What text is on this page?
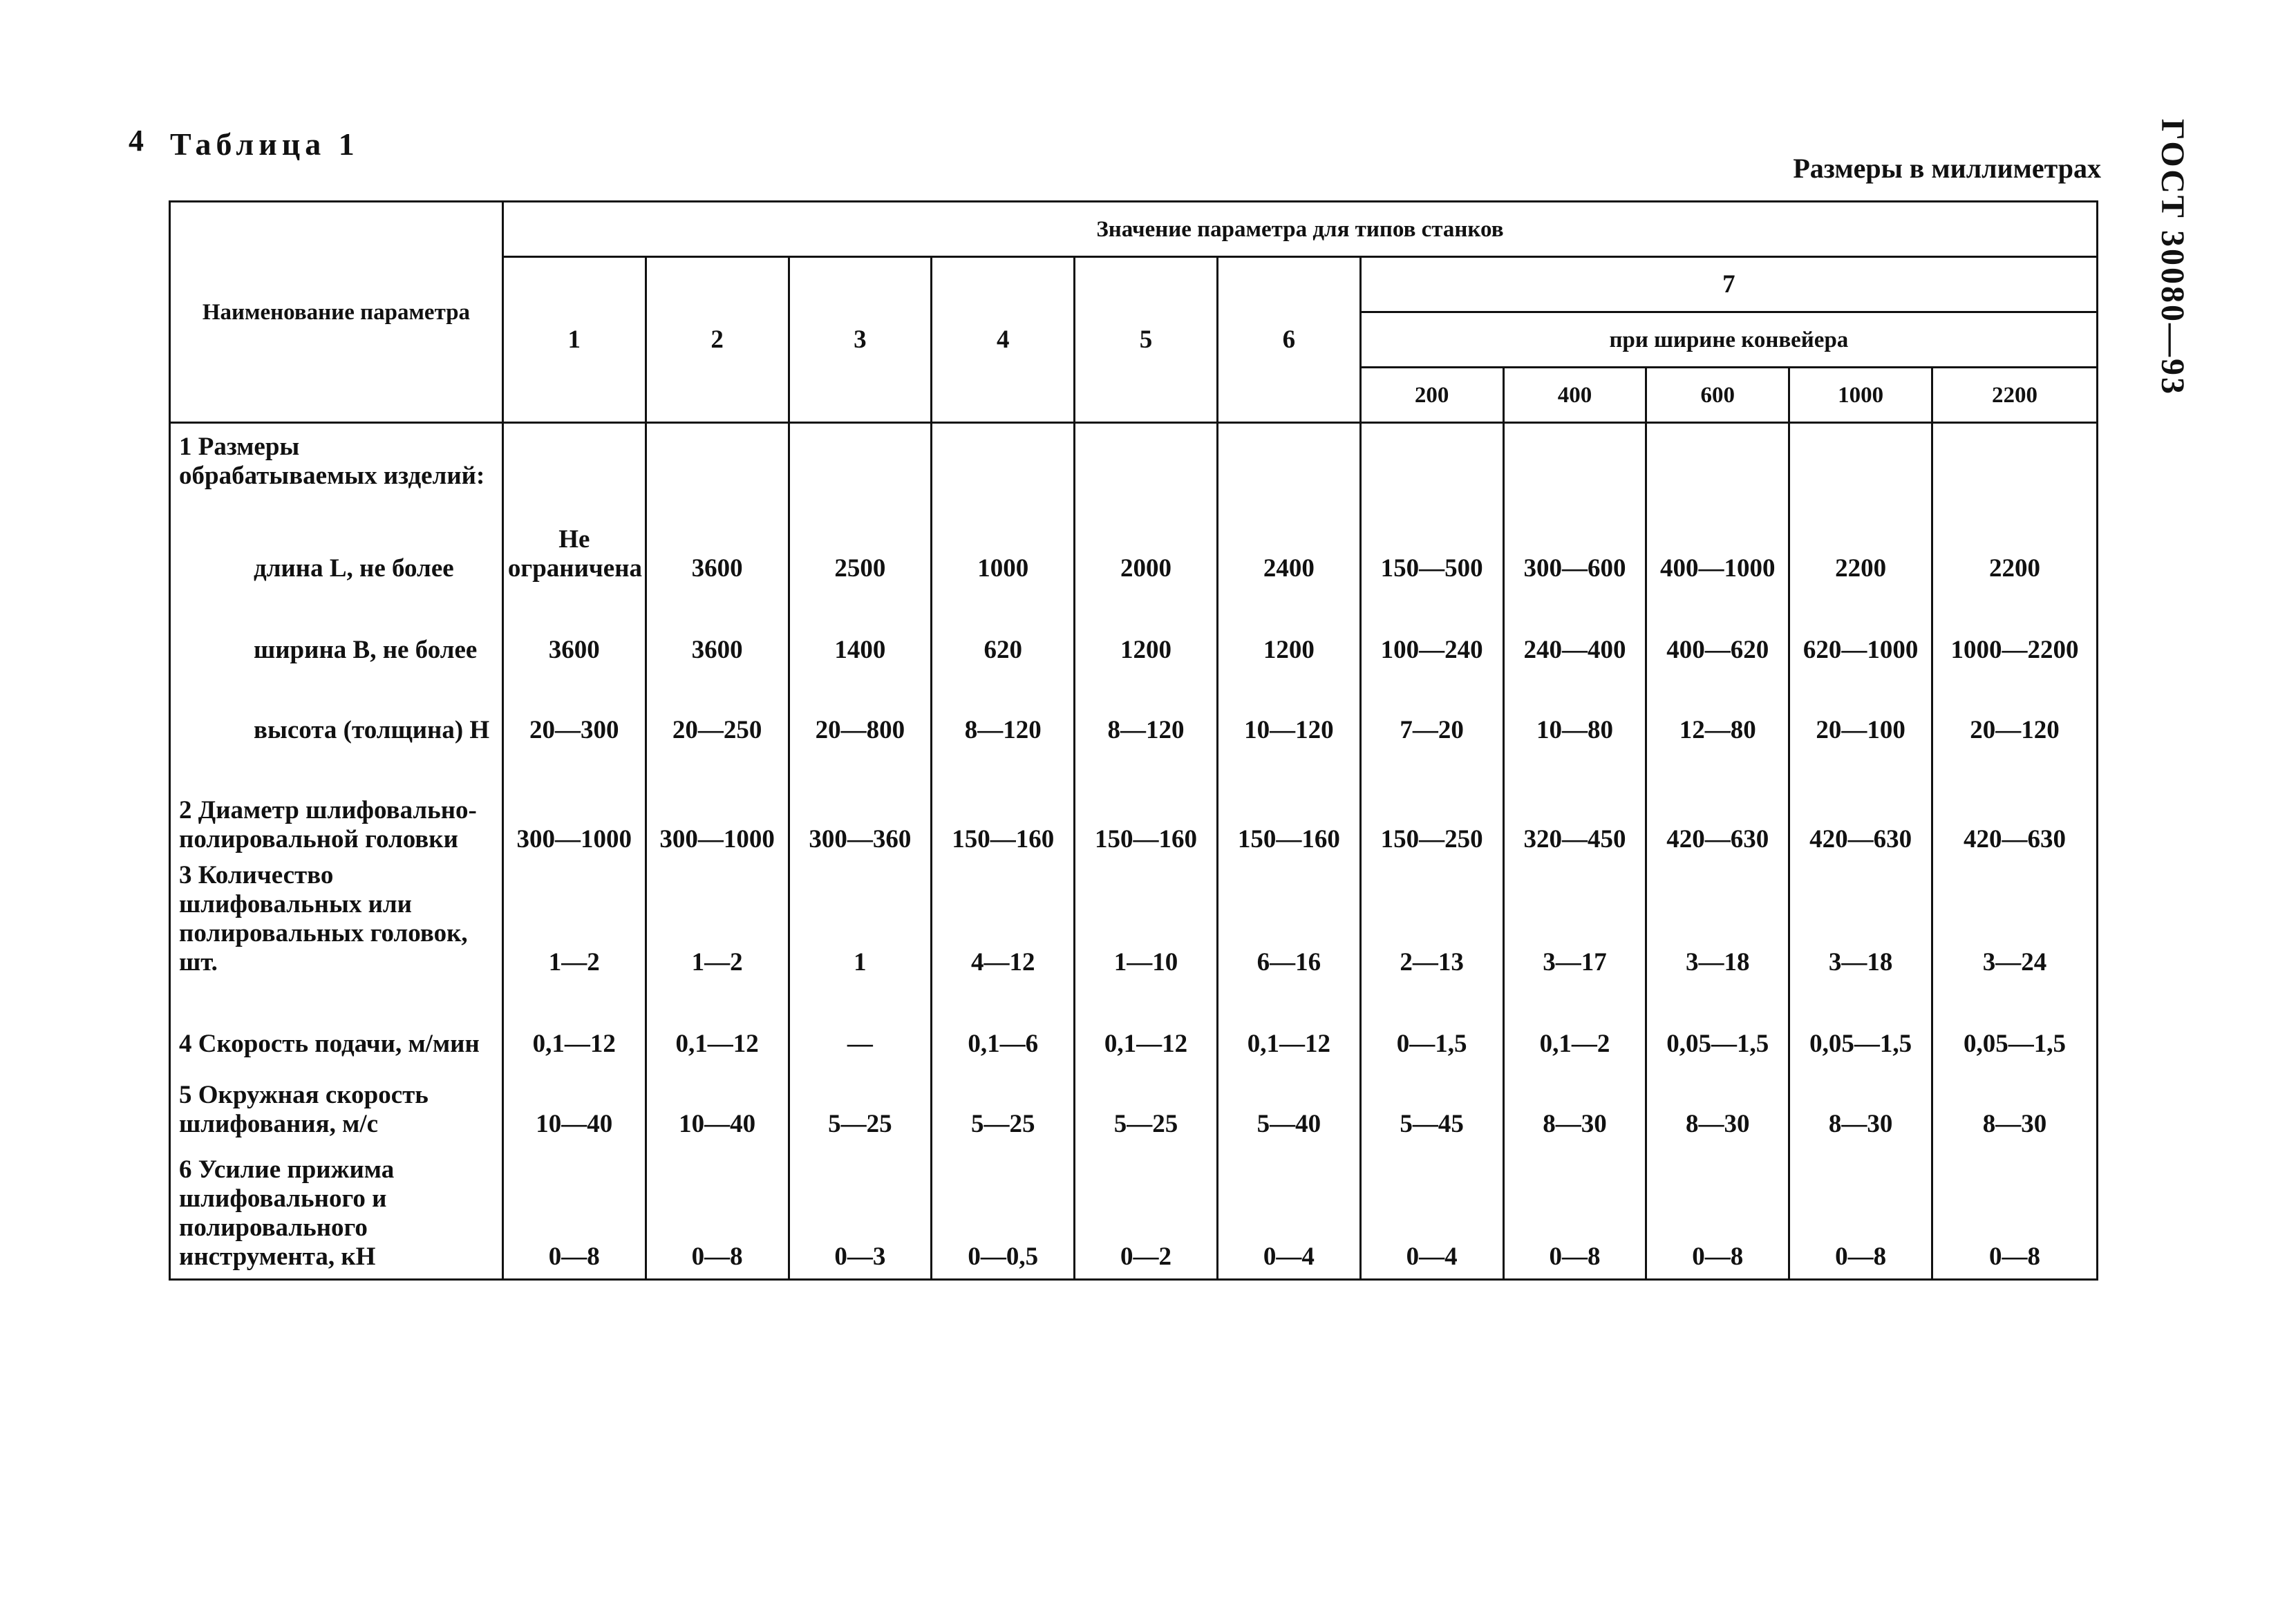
4 Таблица 1
Размеры в миллиметрах ГОСТ 30080—93
Наименование параметра	Значение параметра для типов станков										
	1	2	3	4	5	6	7				
							при ширине конвейера				
							200	400	600	1000	2200
1 Размеры обрабатываемых изделий:											
длина L, не более	Не ограничена	3600	2500	1000	2000	2400	150—500	300—600	400—1000	2200	2200
ширина B, не более	3600	3600	1400	620	1200	1200	100—240	240—400	400—620	620—1000	1000—2200
высота (толщина) H	20—300	20—250	20—800	8—120	8—120	10—120	7—20	10—80	12—80	20—100	20—120
2 Диаметр шлифовально-полировальной головки	300—1000	300—1000	300—360	150—160	150—160	150—160	150—250	320—450	420—630	420—630	420—630
3 Количество шлифовальных или полировальных головок, шт.	1—2	1—2	1	4—12	1—10	6—16	2—13	3—17	3—18	3—18	3—24
4 Скорость подачи, м/мин	0,1—12	0,1—12	—	0,1—6	0,1—12	0,1—12	0—1,5	0,1—2	0,05—1,5	0,05—1,5	0,05—1,5
5 Окружная скорость шлифования, м/с	10—40	10—40	5—25	5—25	5—25	5—40	5—45	8—30	8—30	8—30	8—30
6 Усилие прижима шлифовального и полировального инструмента, кН	0—8	0—8	0—3	0—0,5	0—2	0—4	0—4	0—8	0—8	0—8	0—8
